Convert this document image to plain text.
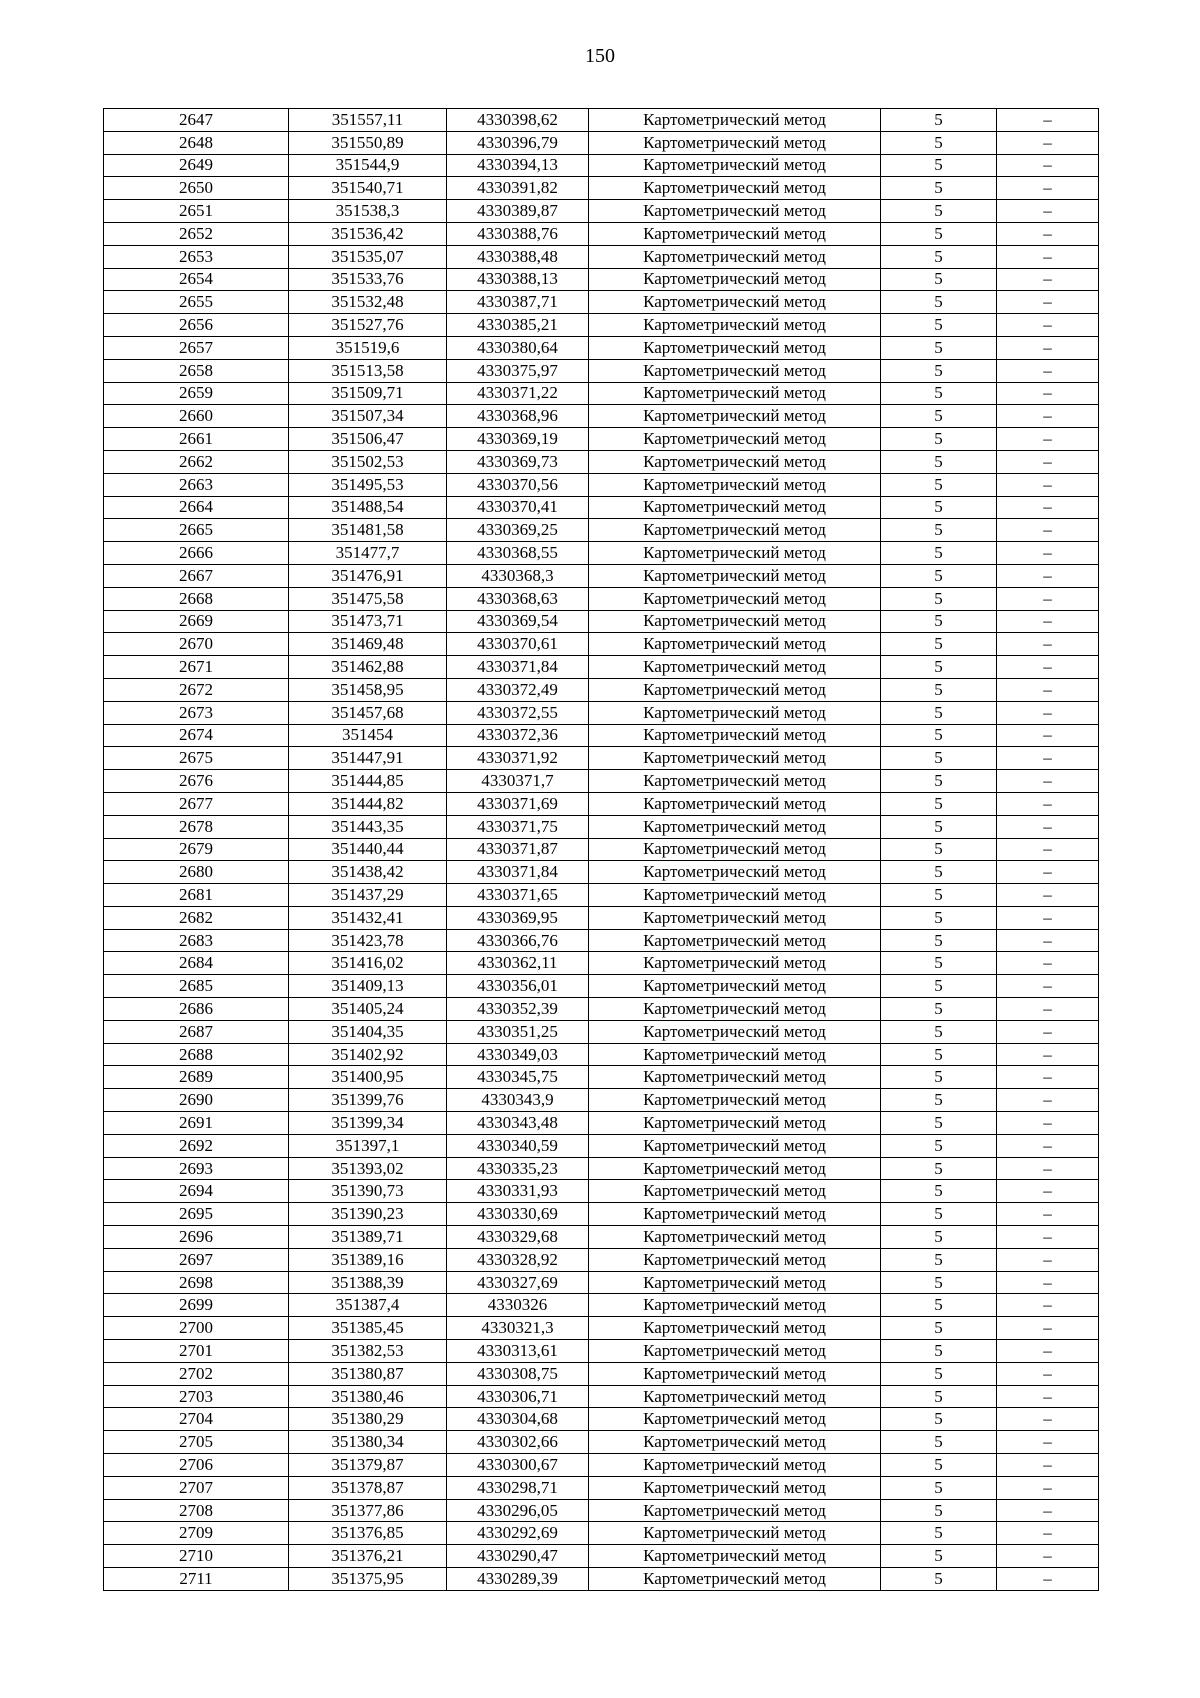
150
2647	351557,11	4330398,62	Картометрический метод	5	–
2648	351550,89	4330396,79	Картометрический метод	5	–
2649	351544,9	4330394,13	Картометрический метод	5	–
2650	351540,71	4330391,82	Картометрический метод	5	–
2651	351538,3	4330389,87	Картометрический метод	5	–
2652	351536,42	4330388,76	Картометрический метод	5	–
2653	351535,07	4330388,48	Картометрический метод	5	–
2654	351533,76	4330388,13	Картометрический метод	5	–
2655	351532,48	4330387,71	Картометрический метод	5	–
2656	351527,76	4330385,21	Картометрический метод	5	–
2657	351519,6	4330380,64	Картометрический метод	5	–
2658	351513,58	4330375,97	Картометрический метод	5	–
2659	351509,71	4330371,22	Картометрический метод	5	–
2660	351507,34	4330368,96	Картометрический метод	5	–
2661	351506,47	4330369,19	Картометрический метод	5	–
2662	351502,53	4330369,73	Картометрический метод	5	–
2663	351495,53	4330370,56	Картометрический метод	5	–
2664	351488,54	4330370,41	Картометрический метод	5	–
2665	351481,58	4330369,25	Картометрический метод	5	–
2666	351477,7	4330368,55	Картометрический метод	5	–
2667	351476,91	4330368,3	Картометрический метод	5	–
2668	351475,58	4330368,63	Картометрический метод	5	–
2669	351473,71	4330369,54	Картометрический метод	5	–
2670	351469,48	4330370,61	Картометрический метод	5	–
2671	351462,88	4330371,84	Картометрический метод	5	–
2672	351458,95	4330372,49	Картометрический метод	5	–
2673	351457,68	4330372,55	Картометрический метод	5	–
2674	351454	4330372,36	Картометрический метод	5	–
2675	351447,91	4330371,92	Картометрический метод	5	–
2676	351444,85	4330371,7	Картометрический метод	5	–
2677	351444,82	4330371,69	Картометрический метод	5	–
2678	351443,35	4330371,75	Картометрический метод	5	–
2679	351440,44	4330371,87	Картометрический метод	5	–
2680	351438,42	4330371,84	Картометрический метод	5	–
2681	351437,29	4330371,65	Картометрический метод	5	–
2682	351432,41	4330369,95	Картометрический метод	5	–
2683	351423,78	4330366,76	Картометрический метод	5	–
2684	351416,02	4330362,11	Картометрический метод	5	–
2685	351409,13	4330356,01	Картометрический метод	5	–
2686	351405,24	4330352,39	Картометрический метод	5	–
2687	351404,35	4330351,25	Картометрический метод	5	–
2688	351402,92	4330349,03	Картометрический метод	5	–
2689	351400,95	4330345,75	Картометрический метод	5	–
2690	351399,76	4330343,9	Картометрический метод	5	–
2691	351399,34	4330343,48	Картометрический метод	5	–
2692	351397,1	4330340,59	Картометрический метод	5	–
2693	351393,02	4330335,23	Картометрический метод	5	–
2694	351390,73	4330331,93	Картометрический метод	5	–
2695	351390,23	4330330,69	Картометрический метод	5	–
2696	351389,71	4330329,68	Картометрический метод	5	–
2697	351389,16	4330328,92	Картометрический метод	5	–
2698	351388,39	4330327,69	Картометрический метод	5	–
2699	351387,4	4330326	Картометрический метод	5	–
2700	351385,45	4330321,3	Картометрический метод	5	–
2701	351382,53	4330313,61	Картометрический метод	5	–
2702	351380,87	4330308,75	Картометрический метод	5	–
2703	351380,46	4330306,71	Картометрический метод	5	–
2704	351380,29	4330304,68	Картометрический метод	5	–
2705	351380,34	4330302,66	Картометрический метод	5	–
2706	351379,87	4330300,67	Картометрический метод	5	–
2707	351378,87	4330298,71	Картометрический метод	5	–
2708	351377,86	4330296,05	Картометрический метод	5	–
2709	351376,85	4330292,69	Картометрический метод	5	–
2710	351376,21	4330290,47	Картометрический метод	5	–
2711	351375,95	4330289,39	Картометрический метод	5	–
